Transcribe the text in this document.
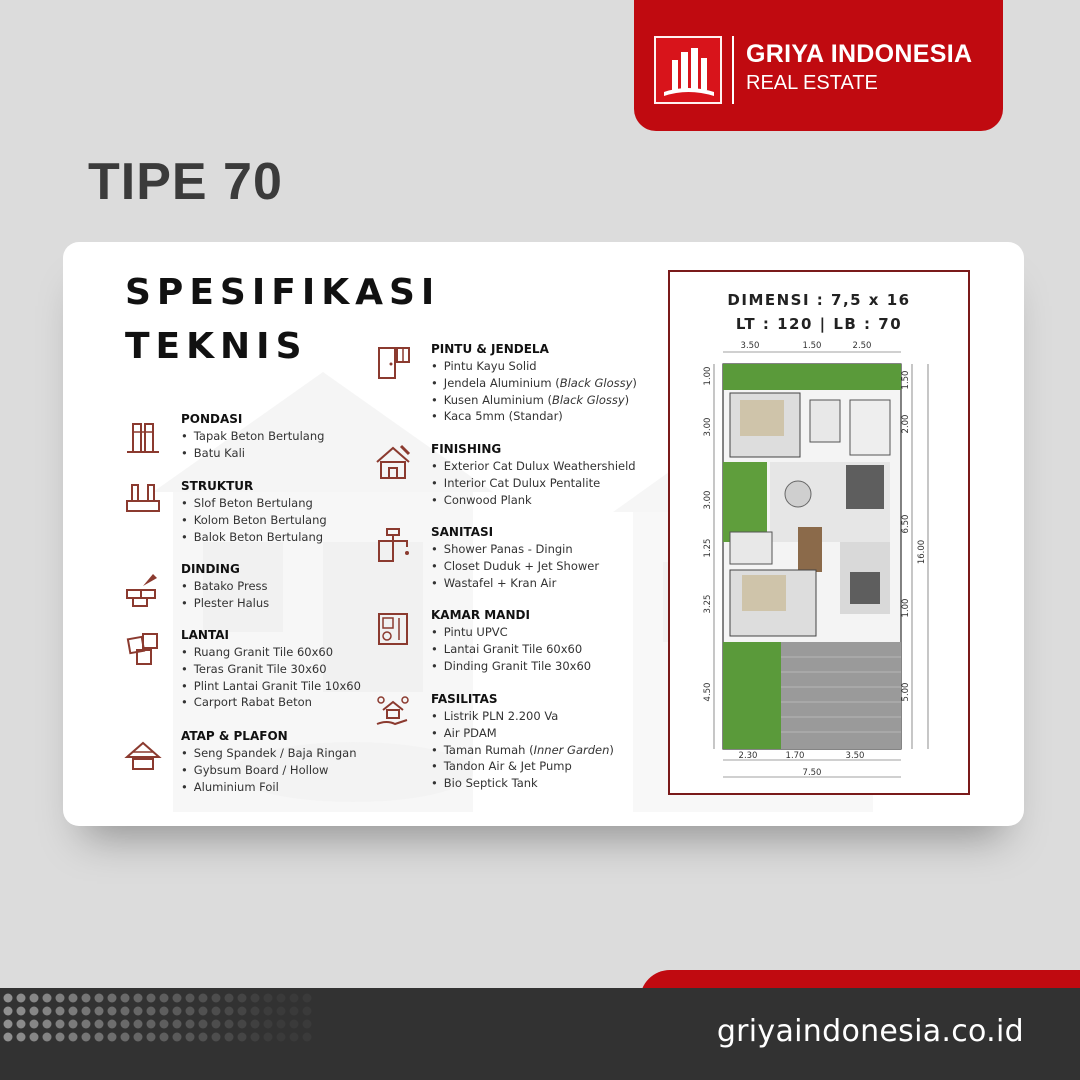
GRIYA INDONESIA
REAL ESTATE
TIPE 70
SPESIFIKASI
TEKNIS
PONDASI
• Tapak Beton Bertulang
• Batu Kali
STRUKTUR
• Slof Beton Bertulang
• Kolom Beton Bertulang
• Balok Beton Bertulang
DINDING
• Batako Press
• Plester Halus
LANTAI
• Ruang Granit Tile 60x60
• Teras Granit Tile 30x60
• Plint Lantai Granit Tile 10x60
• Carport Rabat Beton
ATAP & PLAFON
• Seng Spandek / Baja Ringan
• Gybsum Board / Hollow
• Aluminium Foil
PINTU & JENDELA
• Pintu Kayu Solid
• Jendela Aluminium (Black Glossy)
• Kusen Aluminium (Black Glossy)
• Kaca 5mm (Standar)
FINISHING
• Exterior Cat Dulux Weathershield
• Interior Cat Dulux Pentalite
• Conwood Plank
SANITASI
• Shower Panas - Dingin
• Closet Duduk + Jet Shower
• Wastafel + Kran Air
KAMAR MANDI
• Pintu UPVC
• Lantai Granit Tile 60x60
• Dinding Granit Tile 30x60
FASILITAS
• Listrik PLN 2.200 Va
• Air PDAM
• Taman Rumah (Inner Garden)
• Tandon Air & Jet Pump
• Bio Septick Tank
DIMENSI : 7,5 x 16
LT : 120 | LB : 70
3.50	1.50	2.50
2.30	1.70	3.50
7.50
1.00
3.00
3.00
1.25
3.25
4.50
1.50
2.00
6.50
1.00
5.00
16.00
griyaindonesia.co.id
